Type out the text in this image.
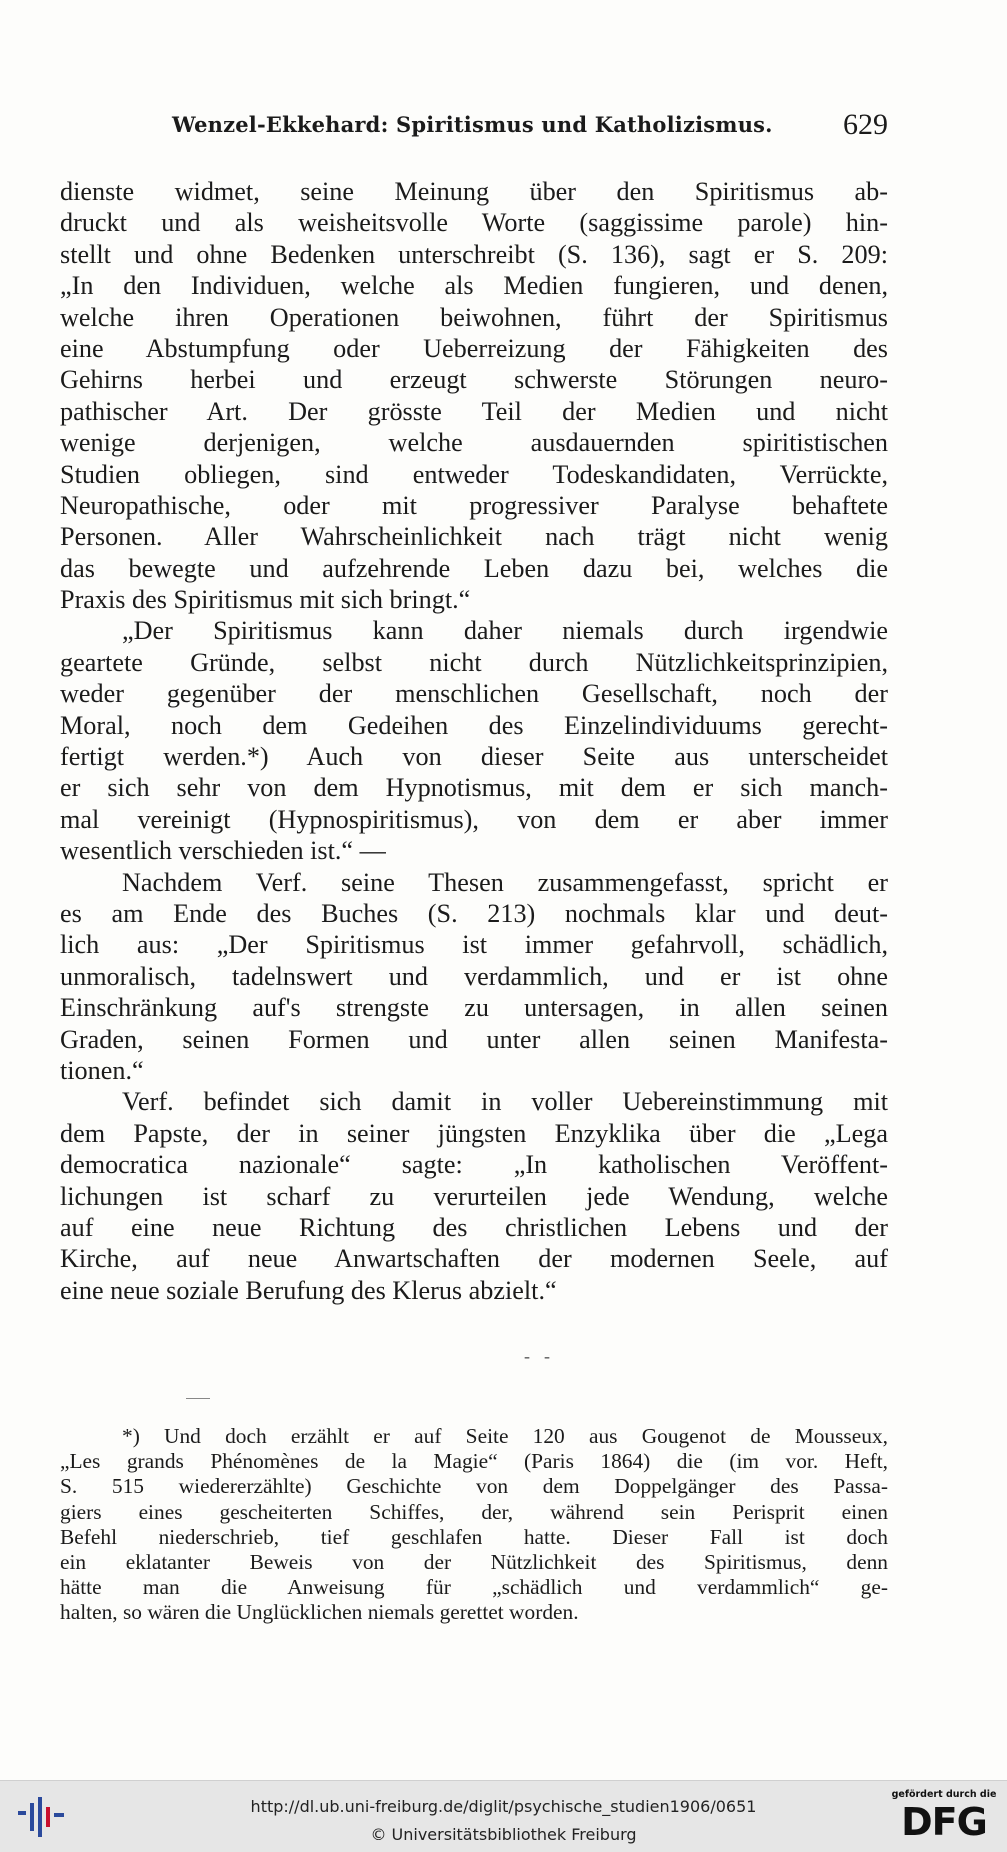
Wenzel-Ekkehard: Spiritismus und Katholizismus. 629
dienste widmet, seine Meinung über den Spiritismus ab-
druckt und als weisheitsvolle Worte (saggissime parole) hin-
stellt und ohne Bedenken unterschreibt (S. 136), sagt er S. 209:
„In den Individuen, welche als Medien fungieren, und denen,
welche ihren Operationen beiwohnen, führt der Spiritismus
eine Abstumpfung oder Ueberreizung der Fähigkeiten des
Gehirns herbei und erzeugt schwerste Störungen neuro-
pathischer Art. Der grösste Teil der Medien und nicht
wenige derjenigen, welche ausdauernden spiritistischen
Studien obliegen, sind entweder Todeskandidaten, Verrückte,
Neuropathische, oder mit progressiver Paralyse behaftete
Personen. Aller Wahrscheinlichkeit nach trägt nicht wenig
das bewegte und aufzehrende Leben dazu bei, welches die
Praxis des Spiritismus mit sich bringt.“
„Der Spiritismus kann daher niemals durch irgendwie
geartete Gründe, selbst nicht durch Nützlichkeitsprinzipien,
weder gegenüber der menschlichen Gesellschaft, noch der
Moral, noch dem Gedeihen des Einzelindividuums gerecht-
fertigt werden.*) Auch von dieser Seite aus unterscheidet
er sich sehr von dem Hypnotismus, mit dem er sich manch-
mal vereinigt (Hypnospiritismus), von dem er aber immer
wesentlich verschieden ist.“ —
Nachdem Verf. seine Thesen zusammengefasst, spricht er
es am Ende des Buches (S. 213) nochmals klar und deut-
lich aus: „Der Spiritismus ist immer gefahrvoll, schädlich,
unmoralisch, tadelnswert und verdammlich, und er ist ohne
Einschränkung auf's strengste zu untersagen, in allen seinen
Graden, seinen Formen und unter allen seinen Manifesta-
tionen.“
Verf. befindet sich damit in voller Uebereinstimmung mit
dem Papste, der in seiner jüngsten Enzyklika über die „Lega
democratica nazionale“ sagte: „In katholischen Veröffent-
lichungen ist scharf zu verurteilen jede Wendung, welche
auf eine neue Richtung des christlichen Lebens und der
Kirche, auf neue Anwartschaften der modernen Seele, auf
eine neue soziale Berufung des Klerus abzielt.“
--
*) Und doch erzählt er auf Seite 120 aus Gougenot de Mousseux,
„Les grands Phénomènes de la Magie“ (Paris 1864) die (im vor. Heft,
S. 515 wiedererzählte) Geschichte von dem Doppelgänger des Passa-
giers eines gescheiterten Schiffes, der, während sein Perisprit einen
Befehl niederschrieb, tief geschlafen hatte. Dieser Fall ist doch
ein eklatanter Beweis von der Nützlichkeit des Spiritismus, denn
hätte man die Anweisung für „schädlich und verdammlich“ ge-
halten, so wären die Unglücklichen niemals gerettet worden.
http://dl.ub.uni-freiburg.de/diglit/psychische_studien1906/0651
© Universitätsbibliothek Freiburg
gefördert durch die
DFG
